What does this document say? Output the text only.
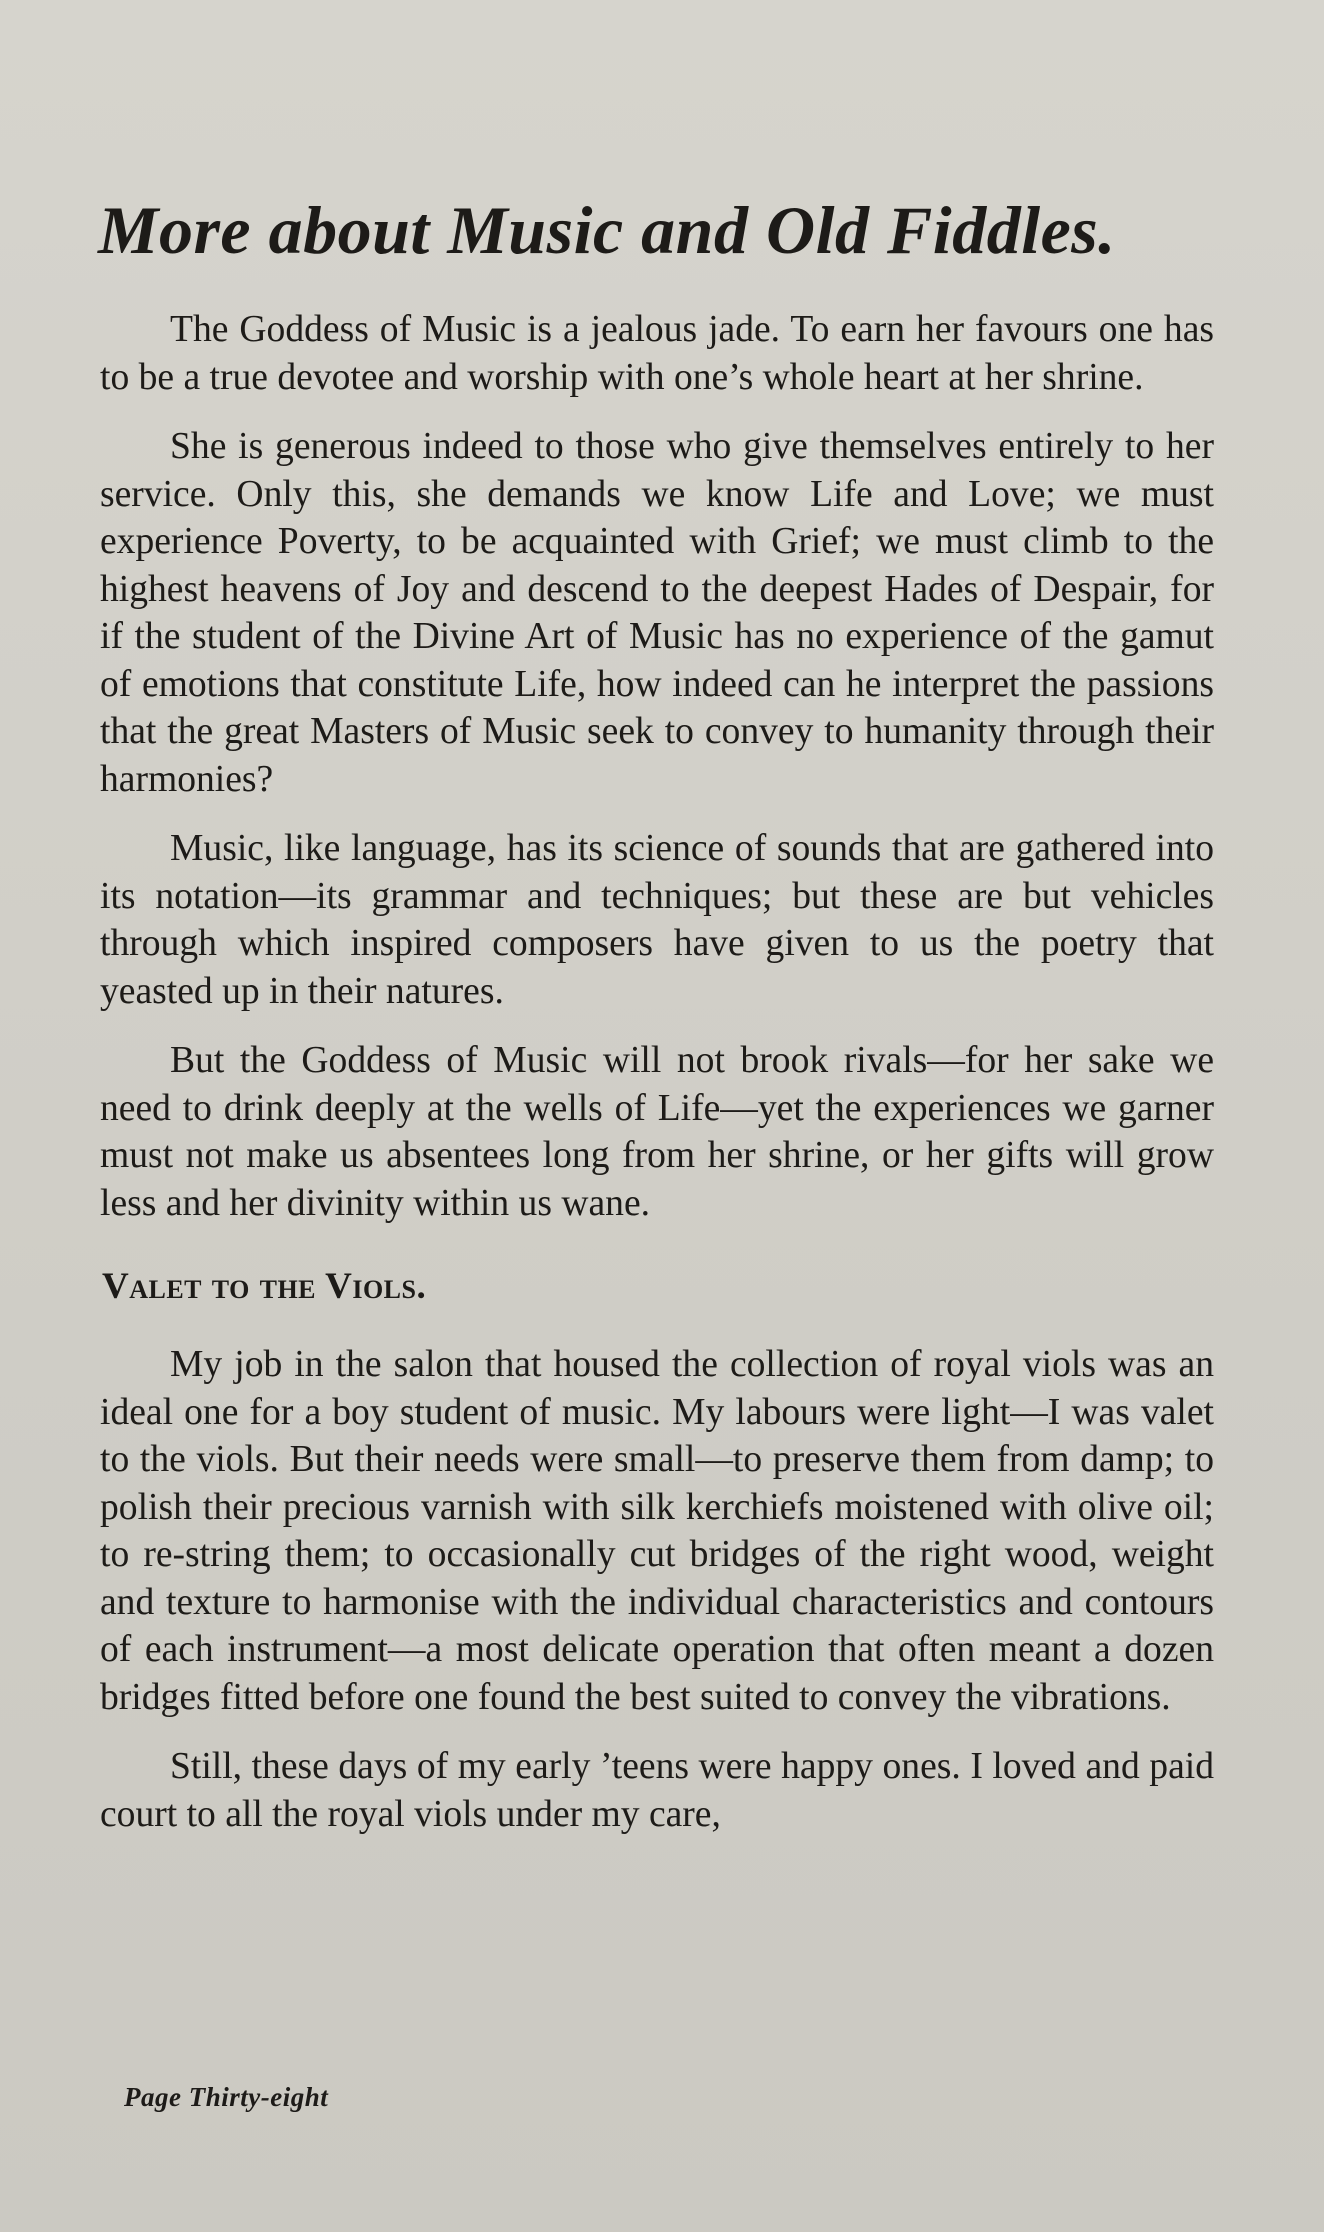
More about Music and Old Fiddles.

The Goddess of Music is a jealous jade. To earn her favours one has to be a true devotee and worship with one’s whole heart at her shrine.

She is generous indeed to those who give themselves entirely to her service. Only this, she demands we know Life and Love; we must experience Poverty, to be acquainted with Grief; we must climb to the highest heavens of Joy and descend to the deepest Hades of Despair, for if the student of the Divine Art of Music has no experience of the gamut of emotions that constitute Life, how indeed can he interpret the passions that the great Masters of Music seek to convey to humanity through their harmonies?

Music, like language, has its science of sounds that are gathered into its notation—its grammar and techniques; but these are but vehicles through which inspired composers have given to us the poetry that yeasted up in their natures.

But the Goddess of Music will not brook rivals—for her sake we need to drink deeply at the wells of Life—yet the experiences we garner must not make us absentees long from her shrine, or her gifts will grow less and her divinity within us wane.

Valet to the Viols.

My job in the salon that housed the collection of royal viols was an ideal one for a boy student of music. My labours were light—I was valet to the viols. But their needs were small—to preserve them from damp; to polish their precious varnish with silk kerchiefs moistened with olive oil; to re-string them; to occasionally cut bridges of the right wood, weight and texture to harmonise with the individual characteristics and contours of each instrument—a most delicate operation that often meant a dozen bridges fitted before one found the best suited to convey the vibrations.

Still, these days of my early ’teens were happy ones. I loved and paid court to all the royal viols under my care,

Page Thirty-eight
